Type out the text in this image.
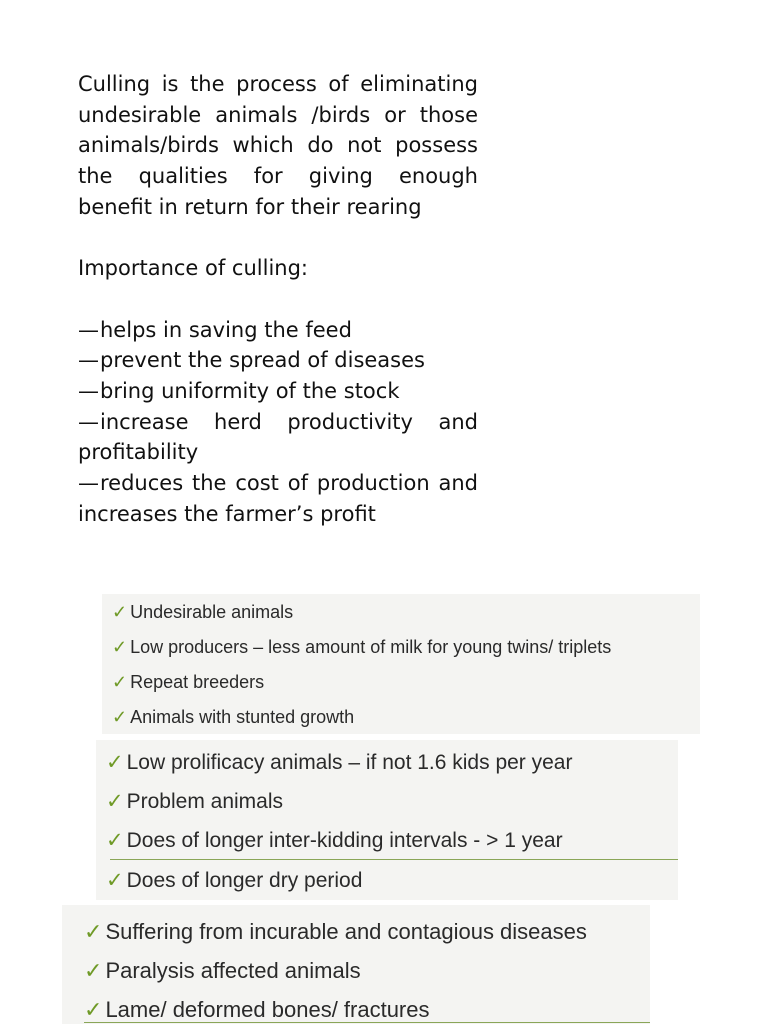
Culling is the process of eliminating undesirable animals /birds or those animals/birds which do not possess the qualities for giving enough benefit in return for their rearing

Importance of culling:

—helps in saving the feed
—prevent the spread of diseases
—bring uniformity of the stock
—increase herd productivity and profitability
—reduces the cost of production and increases the farmer’s profit
✓ Undesirable animals
✓ Low producers – less amount of milk for young twins/ triplets
✓ Repeat breeders
✓ Animals with stunted growth
✓ Low prolificacy animals – if not 1.6 kids per year
✓ Problem animals
✓ Does of longer inter-kidding intervals - > 1 year
✓ Does of longer dry period
✓ Suffering from incurable and contagious diseases
✓ Paralysis affected animals
✓ Lame/ deformed bones/ fractures
